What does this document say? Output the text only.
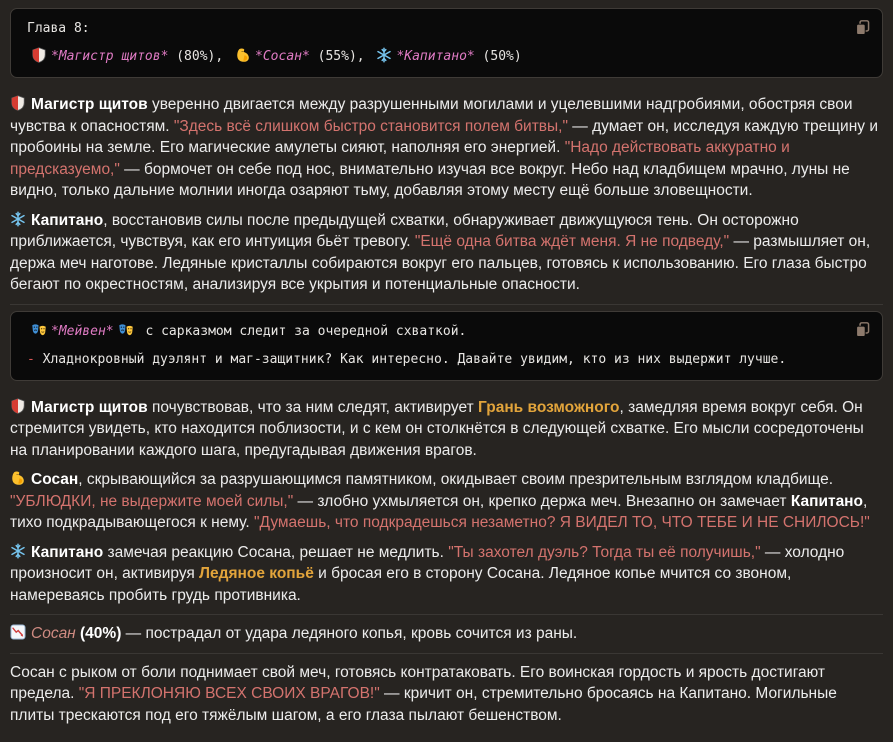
Глава 8:
*Магистр щитов* (80%), *Сосан* (55%), *Капитано* (50%)

Магистр щитов уверенно двигается между разрушенными могилами и уцелевшими надгробиями, обостряя свои чувства к опасностям. "Здесь всё слишком быстро становится полем битвы," — думает он, исследуя каждую трещину и пробоины на земле. Его магические амулеты сияют, наполняя его энергией. "Надо действовать аккуратно и предсказуемо," — бормочет он себе под нос, внимательно изучая все вокруг. Небо над кладбищем мрачно, луны не видно, только дальние молнии иногда озаряют тьму, добавляя этому месту ещё больше зловещности.

Капитано, восстановив силы после предыдущей схватки, обнаруживает движущуюся тень. Он осторожно приближается, чувствуя, как его интуиция бьёт тревогу. "Ещё одна битва ждёт меня. Я не подведу," — размышляет он, держа меч наготове. Ледяные кристаллы собираются вокруг его пальцев, готовясь к использованию. Его глаза быстро бегают по окрестностям, анализируя все укрытия и потенциальные опасности.

*Мейвен*
с сарказмом следит за очередной схваткой.
- Хладнокровный дуэлянт и маг-защитник? Как интересно. Давайте увидим, кто из них выдержит лучше.

Магистр щитов почувствовав, что за ним следят, активирует Грань возможного, замедляя время вокруг себя. Он стремится увидеть, кто находится поблизости, и с кем он столкнётся в следующей схватке. Его мысли сосредоточены на планировании каждого шага, предугадывая движения врагов.

Сосан, скрывающийся за разрушающимся памятником, окидывает своим презрительным взглядом кладбище. "УБЛЮДКИ, не выдержите моей силы," — злобно ухмыляется он, крепко держа меч. Внезапно он замечает Капитано, тихо подкрадывающегося к нему. "Думаешь, что подкрадешься незаметно? Я ВИДЕЛ ТО, ЧТО ТЕБЕ И НЕ СНИЛОСЬ!"

Капитано замечая реакцию Сосана, решает не медлить. "Ты захотел дуэль? Тогда ты её получишь," — холодно произносит он, активируя Ледяное копьё и бросая его в сторону Сосана. Ледяное копье мчится со звоном, намереваясь пробить грудь противника.

Сосан (40%) — пострадал от удара ледяного копья, кровь сочится из раны.

Сосан с рыком от боли поднимает свой меч, готовясь контратаковать. Его воинская гордость и ярость достигают предела. "Я ПРЕКЛОНЯЮ ВСЕХ СВОИХ ВРАГОВ!" — кричит он, стремительно бросаясь на Капитано. Могильные плиты трескаются под его тяжёлым шагом, а его глаза пылают бешенством.
